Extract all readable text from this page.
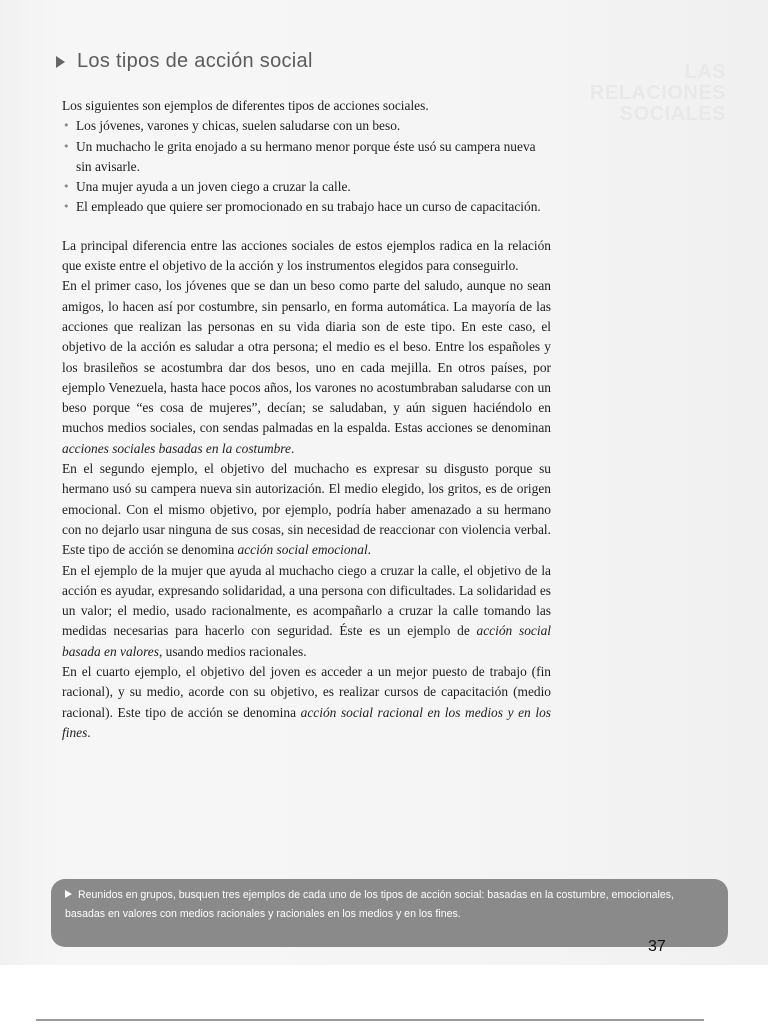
LAS
RELACIONES
SOCIALES
Los tipos de acción social

Los siguientes son ejemplos de diferentes tipos de acciones sociales.

• Los jóvenes, varones y chicas, suelen saludarse con un beso.
• Un muchacho le grita enojado a su hermano menor porque éste usó su campera nueva sin avisarle.
• Una mujer ayuda a un joven ciego a cruzar la calle.
• El empleado que quiere ser promocionado en su trabajo hace un curso de capacitación.

La principal diferencia entre las acciones sociales de estos ejemplos radica en la relación que existe entre el objetivo de la acción y los instrumentos elegidos para conseguirlo.

En el primer caso, los jóvenes que se dan un beso como parte del saludo, aunque no sean amigos, lo hacen así por costumbre, sin pensarlo, en forma automática. La mayoría de las acciones que realizan las personas en su vida diaria son de este tipo. En este caso, el objetivo de la acción es saludar a otra persona; el medio es el beso. Entre los españoles y los brasileños se acostumbra dar dos besos, uno en cada mejilla. En otros países, por ejemplo Venezuela, hasta hace pocos años, los varones no acostumbraban saludarse con un beso porque “es cosa de mujeres”, decían; se saludaban, y aún siguen haciéndolo en muchos medios sociales, con sendas palmadas en la espalda. Estas acciones se denominan acciones sociales basadas en la costumbre.

En el segundo ejemplo, el objetivo del muchacho es expresar su disgusto porque su hermano usó su campera nueva sin autorización. El medio elegido, los gritos, es de origen emocional. Con el mismo objetivo, por ejemplo, podría haber amenazado a su hermano con no dejarlo usar ninguna de sus cosas, sin necesidad de reaccionar con violencia verbal. Este tipo de acción se denomina acción social emocional.

En el ejemplo de la mujer que ayuda al muchacho ciego a cruzar la calle, el objetivo de la acción es ayudar, expresando solidaridad, a una persona con dificultades. La solidaridad es un valor; el medio, usado racionalmente, es acompañarlo a cruzar la calle tomando las medidas necesarias para hacerlo con seguridad. Éste es un ejemplo de acción social basada en valores, usando medios racionales.

En el cuarto ejemplo, el objetivo del joven es acceder a un mejor puesto de trabajo (fin racional), y su medio, acorde con su objetivo, es realizar cursos de capacitación (medio racional). Este tipo de acción se denomina acción social racional en los medios y en los fines.

Reunidos en grupos, busquen tres ejemplos de cada uno de los tipos de acción social: basadas en la costumbre, emocionales, basadas en valores con medios racionales y racionales en los medios y en los fines.
37
